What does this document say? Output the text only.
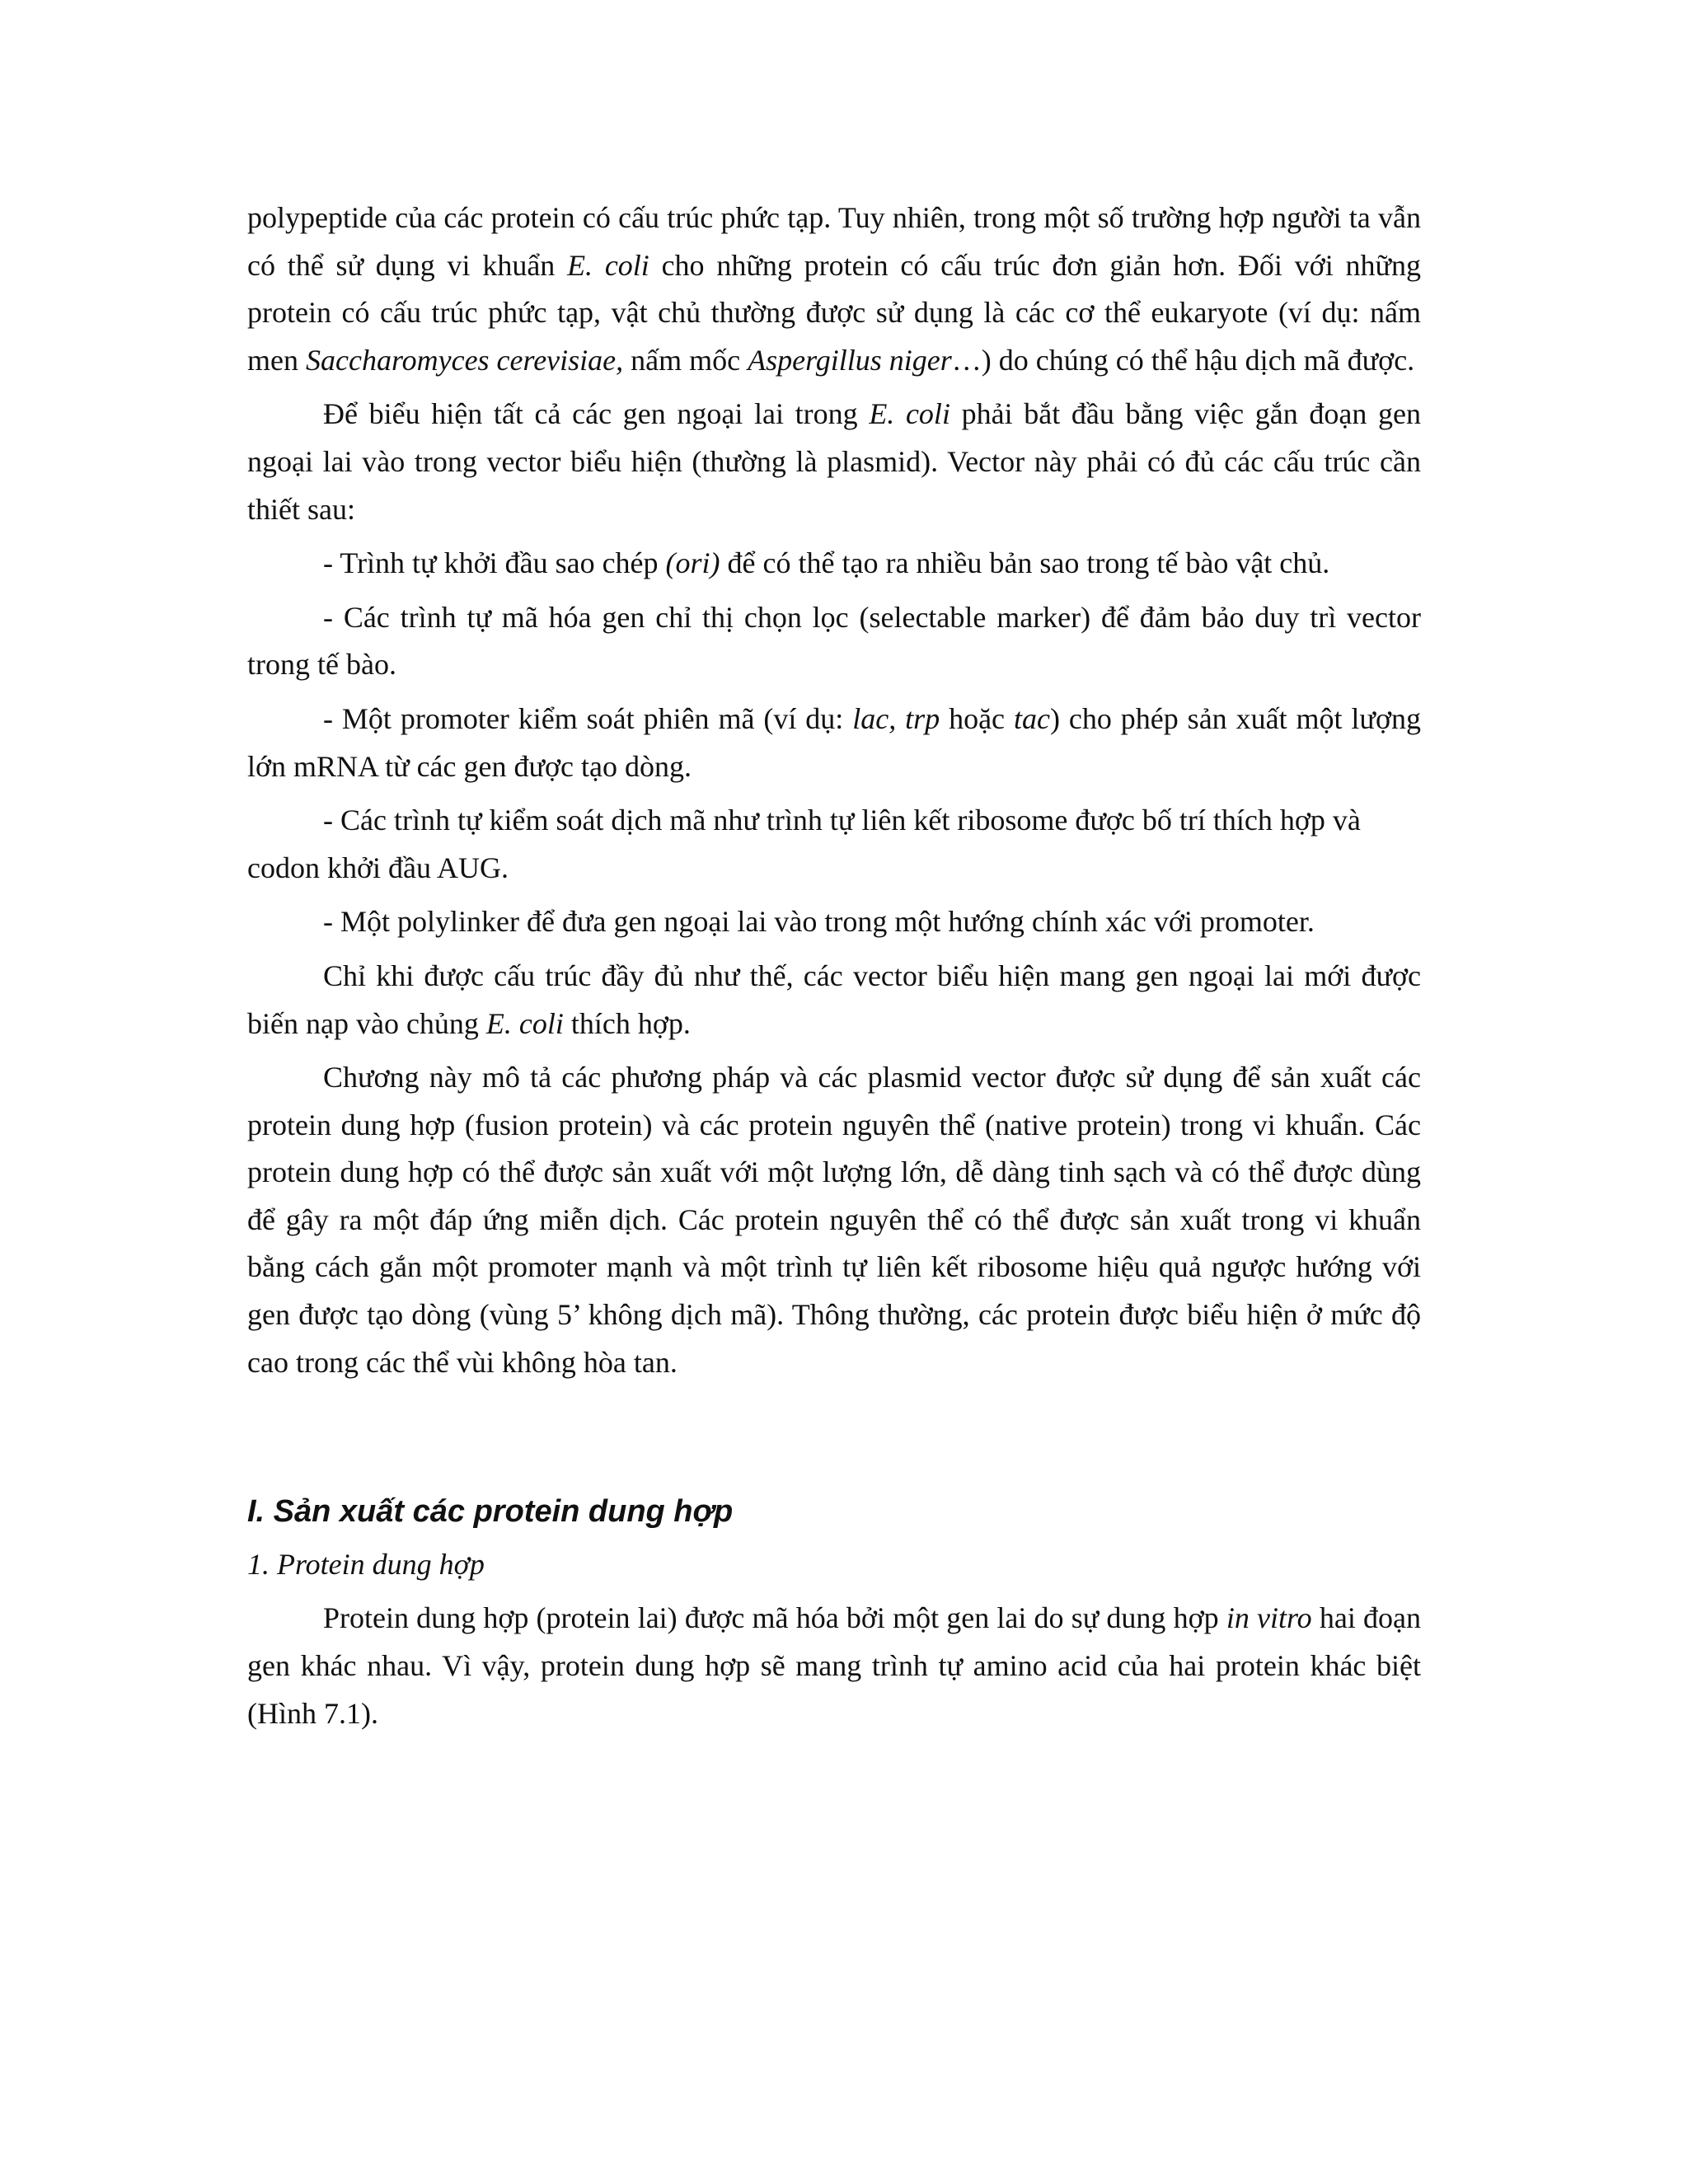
polypeptide của các protein có cấu trúc phức tạp. Tuy nhiên, trong một số trường hợp người ta vẫn có thể sử dụng vi khuẩn E. coli cho những protein có cấu trúc đơn giản hơn. Đối với những protein có cấu trúc phức tạp, vật chủ thường được sử dụng là các cơ thể eukaryote (ví dụ: nấm men Saccharomyces cerevisiae, nấm mốc Aspergillus niger…) do chúng có thể hậu dịch mã được.

Để biểu hiện tất cả các gen ngoại lai trong E. coli phải bắt đầu bằng việc gắn đoạn gen ngoại lai vào trong vector biểu hiện (thường là plasmid). Vector này phải có đủ các cấu trúc cần thiết sau:

- Trình tự khởi đầu sao chép (ori) để có thể tạo ra nhiều bản sao trong tế bào vật chủ.

- Các trình tự mã hóa gen chỉ thị chọn lọc (selectable marker) để đảm bảo duy trì vector trong tế bào.

- Một promoter kiểm soát phiên mã (ví dụ: lac, trp hoặc tac) cho phép sản xuất một lượng lớn mRNA từ các gen được tạo dòng.

- Các trình tự kiểm soát dịch mã như trình tự liên kết ribosome được bố trí thích hợp và codon khởi đầu AUG.

- Một polylinker để đưa gen ngoại lai vào trong một hướng chính xác với promoter.

Chỉ khi được cấu trúc đầy đủ như thế, các vector biểu hiện mang gen ngoại lai mới được biến nạp vào chủng E. coli thích hợp.

Chương này mô tả các phương pháp và các plasmid vector được sử dụng để sản xuất các protein dung hợp (fusion protein) và các protein nguyên thể (native protein) trong vi khuẩn. Các protein dung hợp có thể được sản xuất với một lượng lớn, dễ dàng tinh sạch và có thể được dùng để gây ra một đáp ứng miễn dịch. Các protein nguyên thể có thể được sản xuất trong vi khuẩn bằng cách gắn một promoter mạnh và một trình tự liên kết ribosome hiệu quả ngược hướng với gen được tạo dòng (vùng 5’ không dịch mã). Thông thường, các protein được biểu hiện ở mức độ cao trong các thể vùi không hòa tan.

I. Sản xuất các protein dung hợp
1. Protein dung hợp

Protein dung hợp (protein lai) được mã hóa bởi một gen lai do sự dung hợp in vitro hai đoạn gen khác nhau. Vì vậy, protein dung hợp sẽ mang trình tự amino acid của hai protein khác biệt (Hình 7.1).
